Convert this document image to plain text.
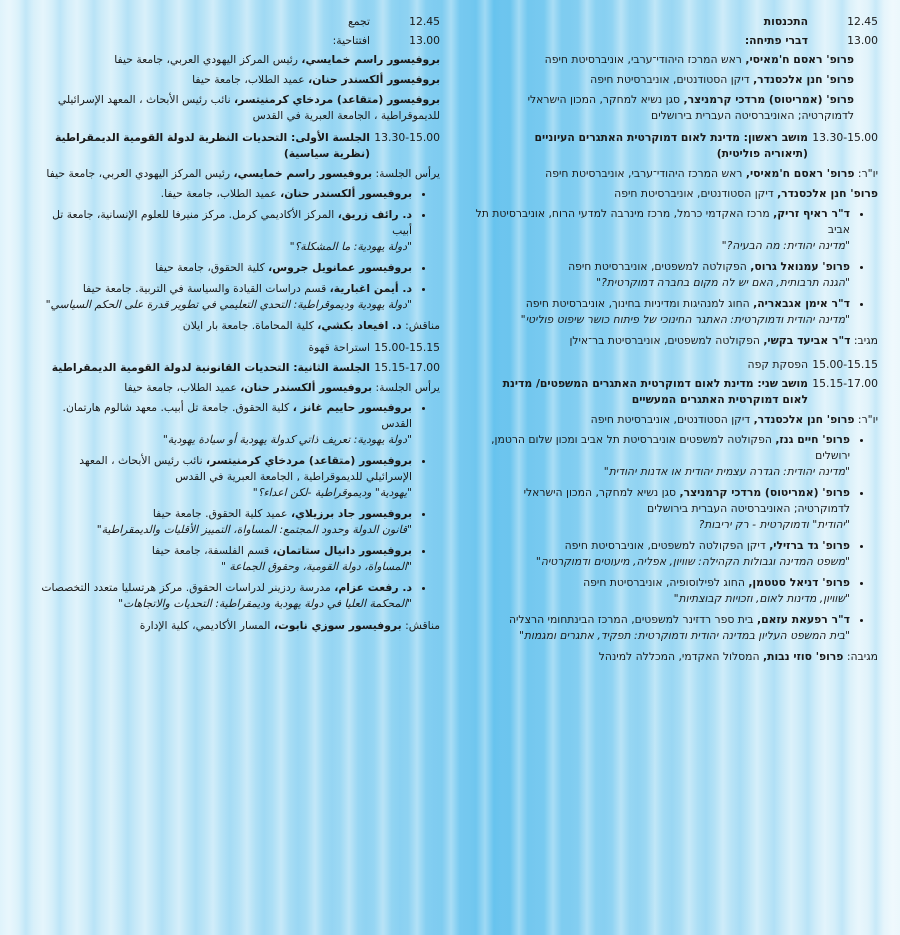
12.45
התכנסות
13.00
דברי פתיחה:

פרופ' ראסם ח'מאיסי, ראש המרכז היהודי־ערבי, אוניברסיטת חיפה

פרופ' חנן אלכסנדר, דיקן הסטודנטים, אוניברסיטת חיפה

פרופ' (אמריטוס) מרדכי קרמניצר, סגן נשיא למחקר, המכון הישראלי לדמוקרטיה; האוניברסיטה העברית בירושלים

13.30-15.00
מושב ראשון: מדינת לאום דמוקרטית האתגרים העיוניים (תיאוריה פוליטית)

יו"ר: פרופ' ראסם ח'מאיסי, ראש המרכז היהודי־ערבי, אוניברסיטת חיפה

פרופ' חנן אלכסנדר, דיקן הסטודנטים, אוניברסיטת חיפה

• ד"ר ראיף זריק, מרכז האקדמי כרמל, מרכז מינרבה למדעי הרוח, אוניברסיטת תל אביב
"מדינה יהודית: מה הבעיה?"
• פרופ' עמנואל גרוס, הפקולטה למשפטים, אוניברסיטת חיפה
"הגנה תרבותית, האם יש לה מקום בחברה דמוקרטית?"
• ד"ר אימן אגבאריה, החוג למנהיגות ומדיניות בחינוך, אוניברסיטת חיפה
"מדינה יהודית ודמוקרטית: האתגר החינוכי של פיתוח כושר שיפוט פוליטי"

מגיב: ד"ר אביעד בקשי, הפקולטה למשפטים, אוניברסיטת בר־אילן

15.00-15.15
הפסקת קפה
15.15-17.00
מושב שני: מדינת לאום דמוקרטית האתגרים המשפטים/ מדינת לאום דמוקרטית האתגרים המעשיים

יו"ר: פרופ' חנן אלכסנדר, דיקן הסטודנטים, אוניברסיטת חיפה

• פרופ' חיים גנז, הפקולטה למשפטים אוניברסיטת תל אביב ומכון שלום הרטמן, ירושלים
"מדינה יהודית: הגדרה עצמית יהודית או אדנות יהודית"
• פרופ' (אמריטוס) מרדכי קרמניצר, סגן נשיא למחקר, המכון הישראלי לדמוקרטיה; האוניברסיטה העברית בירושלים
"יהודית" ודמוקרטית - רק יריבות?
• פרופ' גד ברזילי, דיקן הפקולטה למשפטים, אוניברסיטת חיפה
"משפט המדינה וגבולות הקהילה: שוויון, אפליה, מיעוטים ודמוקרטיה"
• פרופ' דניאל סטטמן, החוג לפילוסופיה, אוניברסיטת חיפה
"שוויון, מדינות לאום, וזכויות קבוצתיות"
• ד"ר רפעאת עזאם, בית ספר רדזינר למשפטים, המרכז הבינתחומי הרצליה
"בית המשפט העליון במדינה יהודית ודמוקרטית: תפקיד, אתגרים ומגמות"

מגיבה: פרופ' סוזי נבות, המסלול האקדמי, המכללה למינהל

12.45
تجمع
13.00
افتتاحية:

بروفيسور راسم خمايسي، رئيس المركز اليهودي العربي، جامعة حيفا

بروفيسور ألكسندر حنان، عميد الطلاب، جامعة حيفا

بروفيسور (متقاعد) مردخاي كرمنيتسر، نائب رئيس الأبحاث ، المعهد الإسرائيلي للديموقراطية ، الجامعة العبرية في القدس

13.30-15.00
الجلسة الأولى: التحديات النظرية لدولة القومية الديمقراطية (نظرية سياسية)

يرأس الجلسة: بروفيسور راسم خمايسي، رئيس المركز اليهودي العربي، جامعة حيفا

• بروفيسور ألكسندر حنان، عميد الطلاب، جامعة حيفا.
• د. رائف زريق، المركز الأكاديمي كرمل. مركز منيرفا للعلوم الإنسانية، جامعة تل أبيب
"دولة يهودية: ما المشكلة؟"
• بروفيسور عمانويل جروس، كلية الحقوق، جامعة حيفا
• د. أيمن اغبارية، قسم دراسات القيادة والسياسة في التربية. جامعة حيفا
"دولة يهودية وديموقراطية: التحدي التعليمي في تطوير قدرة على الحكم السياسي"

مناقش: د. افيعاد بكشي، كلية المحاماة. جامعة بار ايلان

15.00-15.15
استراحة قهوة
15.15-17.00
الجلسة الثانية: التحديات القانونية لدولة القومية الديمقراطية

يرأس الجلسة: بروفيسور ألكسندر حنان، عميد الطلاب، جامعة حيفا

• بروفيسور حاييم غانز ، كلية الحقوق. جامعة تل أبيب. معهد شالوم هارتمان. القدس
"دولة يهودية: تعريف ذاتي كدولة يهودية أو سيادة يهودية"
• بروفيسور (متقاعد) مردخاي كرمنيتسر، نائب رئيس الأبحاث ، المعهد الإسرائيلي للديموقراطية , الجامعة العبرية في القدس
"يهودية" وديموقراطية -لكن اعداء؟"
• بروفيسور جاد برزيلاي، عميد كلية الحقوق. جامعة حيفا
"قانون الدولة وحدود المجتمع: المساواة، التمييز الأقليات والديمقراطية"
• بروفيسور دانيال ستاتمان، قسم الفلسفة، جامعة حيفا
"المساواة، دولة القومية، وحقوق الجماعة "
• د. رفعت عزام، مدرسة ردزينر لدراسات الحقوق. مركز هرتسليا متعدد التخصصات
"المحكمة العليا في دولة يهودية وديمقراطية: التحديات والاتجاهات"

مناقش: بروفيسور سوزي نابوت، المسار الأكاديمي، كلية الإدارة
